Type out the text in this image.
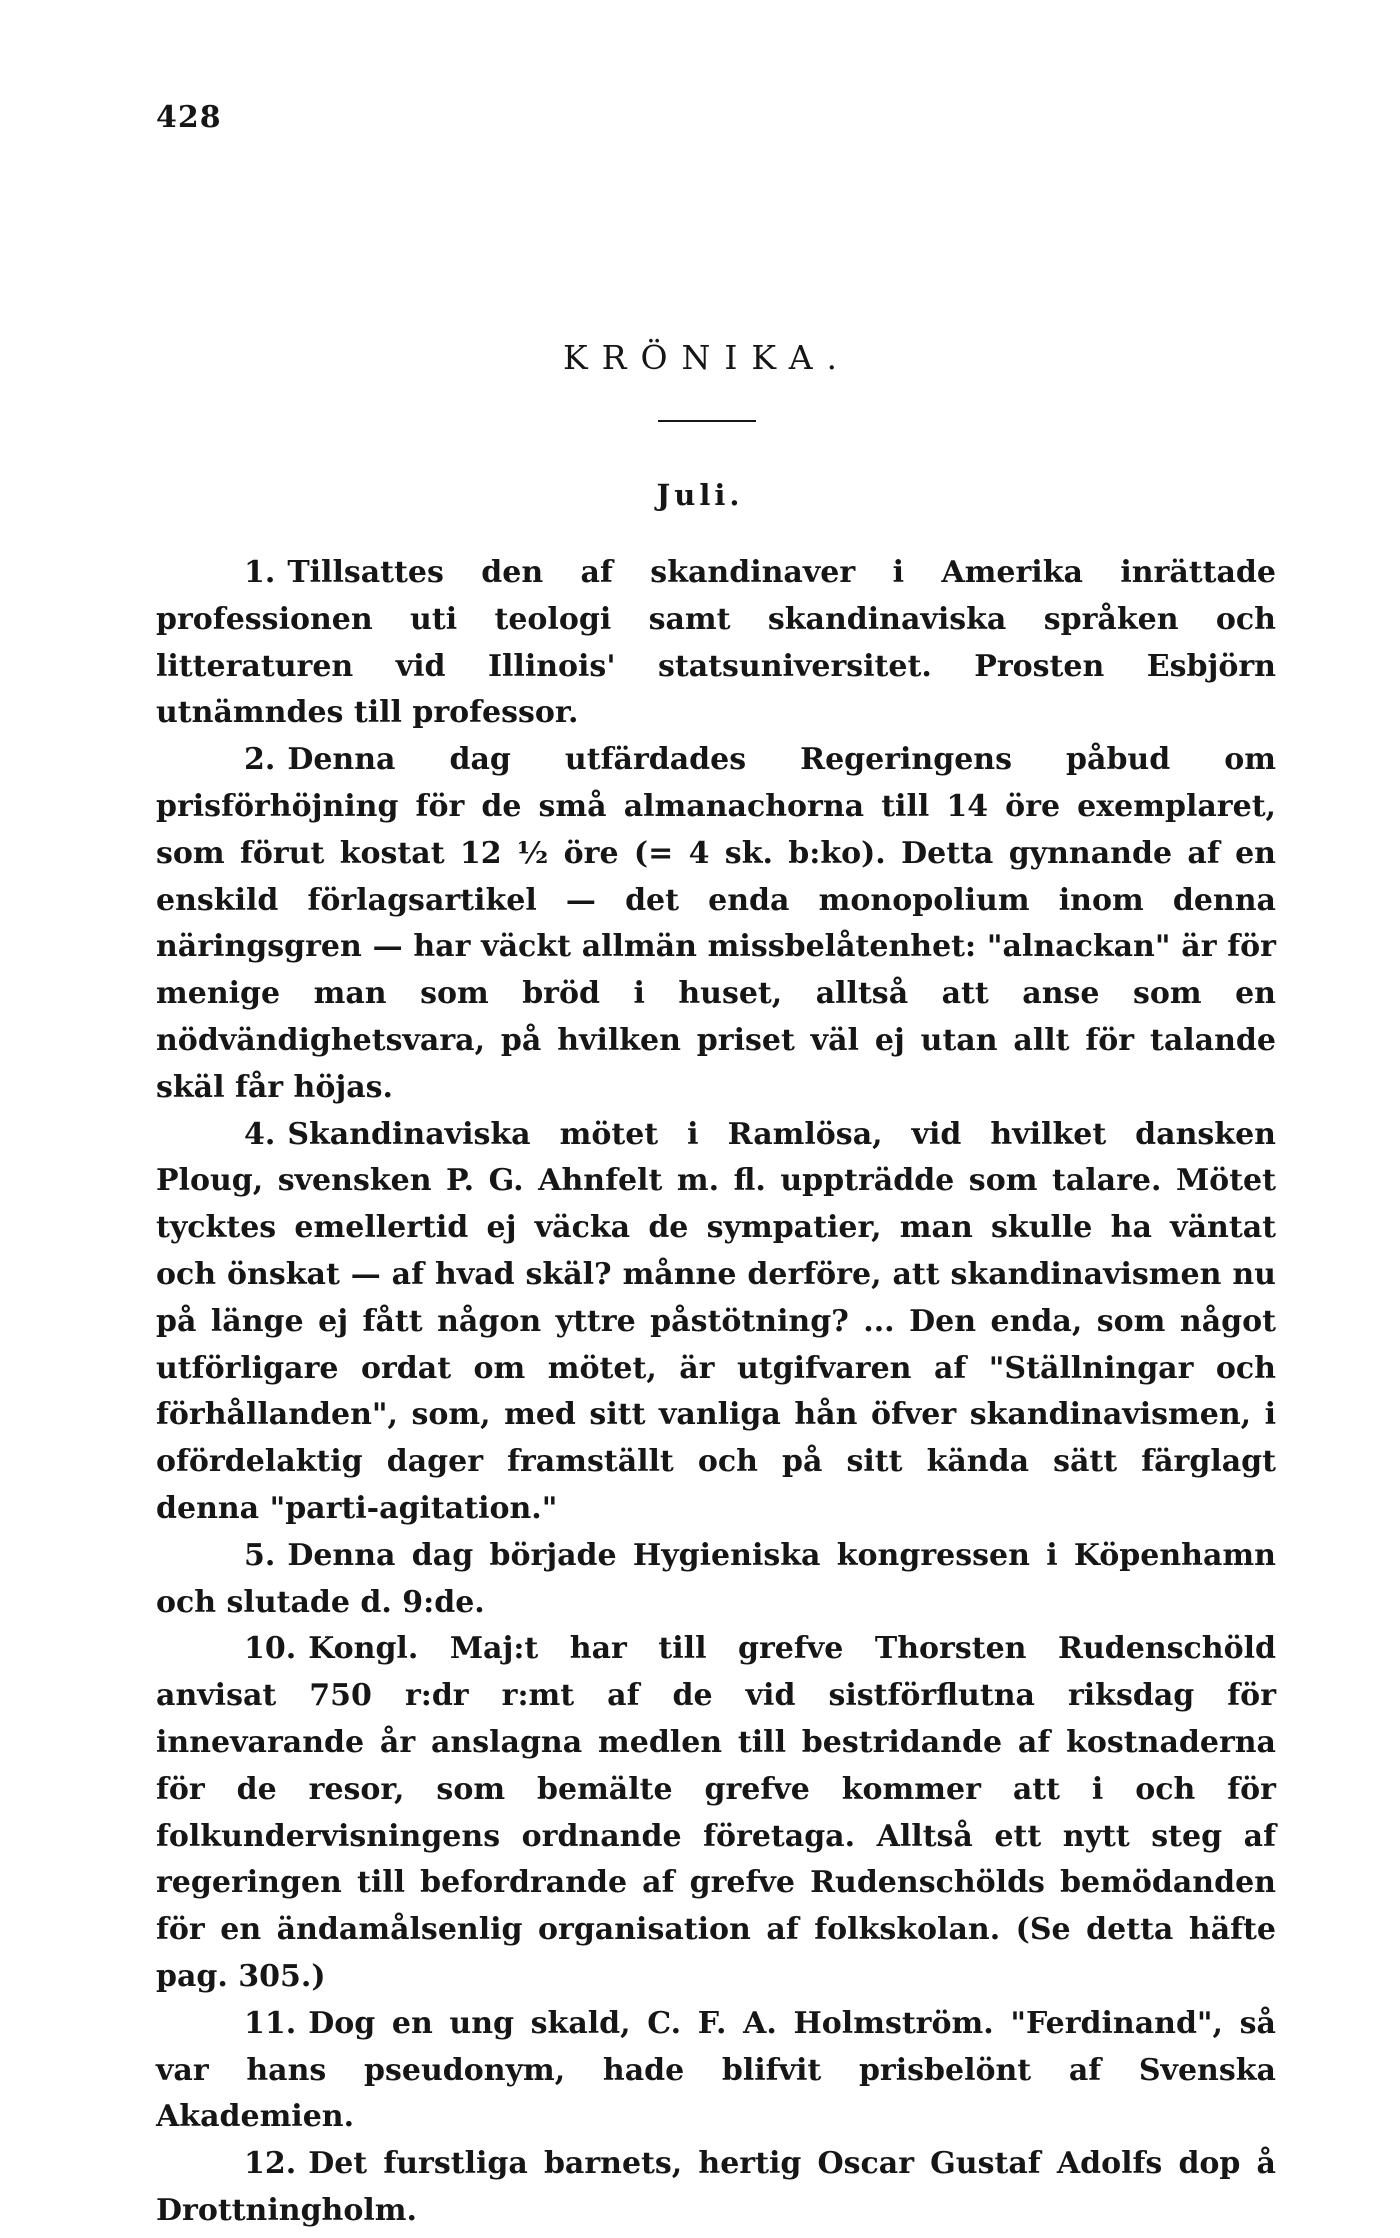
428
KRÖNIKA.
Juli.

1. Tillsattes den af skandinaver i Amerika inrättade professionen uti teologi samt skandinaviska språken och litteraturen vid Illinois' statsuniversitet. Prosten Esbjörn utnämndes till professor.

2. Denna dag utfärdades Regeringens påbud om prisförhöjning för de små almanachorna till 14 öre exemplaret, som förut kostat 12 ½ öre (= 4 sk. b:ko). Detta gynnande af en enskild förlagsartikel — det enda monopolium inom denna näringsgren — har väckt allmän missbelåtenhet: "alnackan" är för menige man som bröd i huset, alltså att anse som en nödvändighetsvara, på hvilken priset väl ej utan allt för talande skäl får höjas.

4. Skandinaviska mötet i Ramlösa, vid hvilket dansken Ploug, svensken P. G. Ahnfelt m. fl. uppträdde som talare. Mötet tycktes emellertid ej väcka de sympatier, man skulle ha väntat och önskat — af hvad skäl? månne derföre, att skandinavismen nu på länge ej fått någon yttre påstötning? ... Den enda, som något utförligare ordat om mötet, är utgifvaren af "Ställningar och förhållanden", som, med sitt vanliga hån öfver skandinavismen, i ofördelaktig dager framställt och på sitt kända sätt färglagt denna "parti-agitation."

5. Denna dag började Hygieniska kongressen i Köpenhamn och slutade d. 9:de.

10. Kongl. Maj:t har till grefve Thorsten Rudenschöld anvisat 750 r:dr r:mt af de vid sistförflutna riksdag för innevarande år anslagna medlen till bestridande af kostnaderna för de resor, som bemälte grefve kommer att i och för folkundervisningens ordnande företaga. Alltså ett nytt steg af regeringen till befordrande af grefve Rudenschölds bemödanden för en ändamålsenlig organisation af folkskolan. (Se detta häfte pag. 305.)

11. Dog en ung skald, C. F. A. Holmström. "Ferdinand", så var hans pseudonym, hade blifvit prisbelönt af Svenska Akademien.

12. Det furstliga barnets, hertig Oscar Gustaf Adolfs dop å Drottningholm.
